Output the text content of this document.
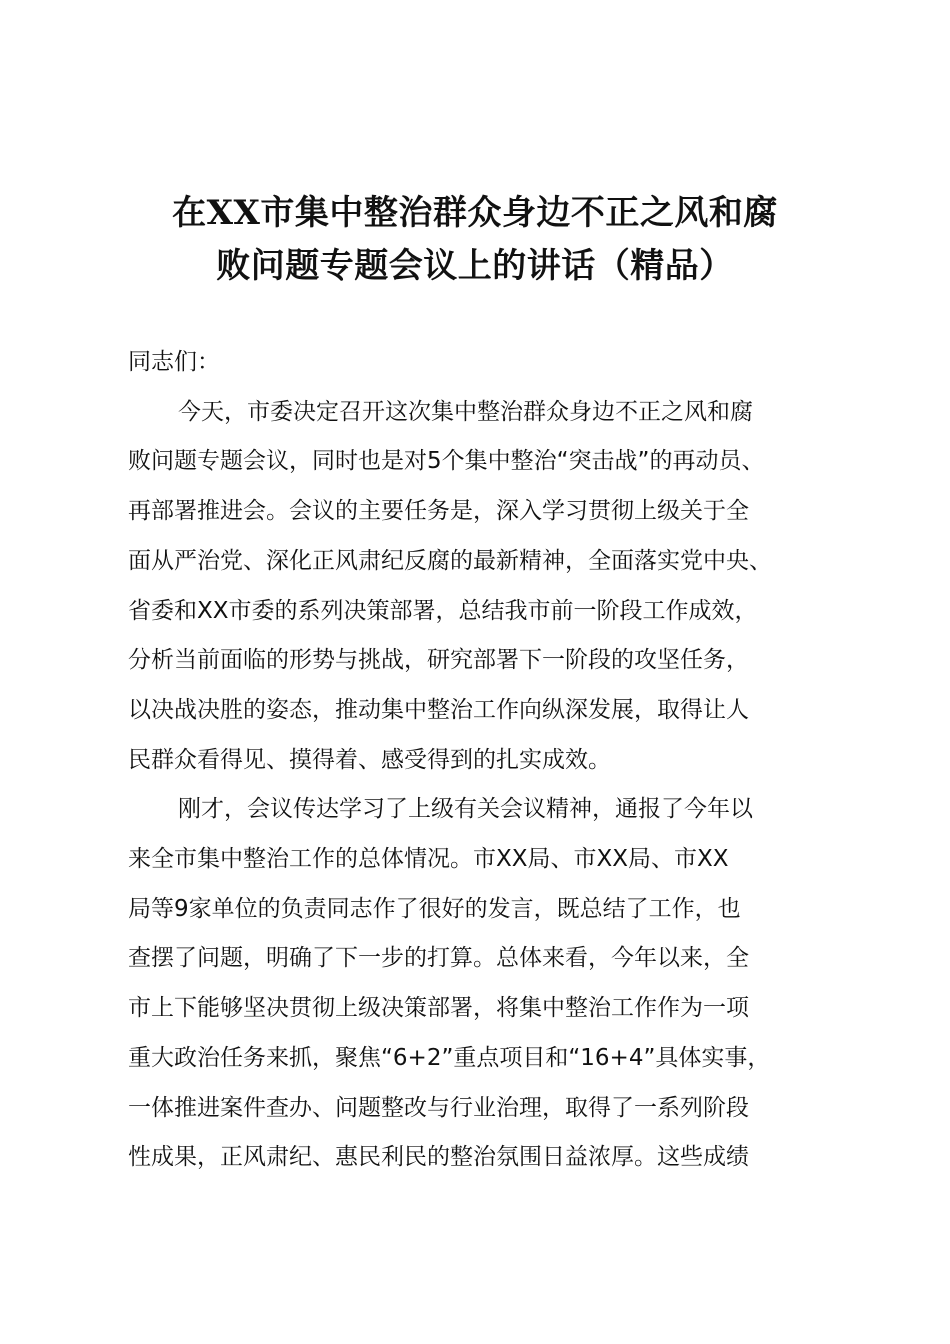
在XX市集中整治群众身边不正之风和腐
败问题专题会议上的讲话（精品）

同志们：

今天，市委决定召开这次集中整治群众身边不正之风和腐
败问题专题会议，同时也是对5个集中整治“突击战”的再动员、
再部署推进会。会议的主要任务是，深入学习贯彻上级关于全
面从严治党、深化正风肃纪反腐的最新精神，全面落实党中央、
省委和XX市委的系列决策部署，总结我市前一阶段工作成效，
分析当前面临的形势与挑战，研究部署下一阶段的攻坚任务，
以决战决胜的姿态，推动集中整治工作向纵深发展，取得让人
民群众看得见、摸得着、感受得到的扎实成效。

刚才，会议传达学习了上级有关会议精神，通报了今年以
来全市集中整治工作的总体情况。市XX局、市XX局、市XX
局等9家单位的负责同志作了很好的发言，既总结了工作，也
查摆了问题，明确了下一步的打算。总体来看，今年以来，全
市上下能够坚决贯彻上级决策部署，将集中整治工作作为一项
重大政治任务来抓，聚焦“6+2”重点项目和“16+4”具体实事，
一体推进案件查办、问题整改与行业治理，取得了一系列阶段
性成果，正风肃纪、惠民利民的整治氛围日益浓厚。这些成绩
